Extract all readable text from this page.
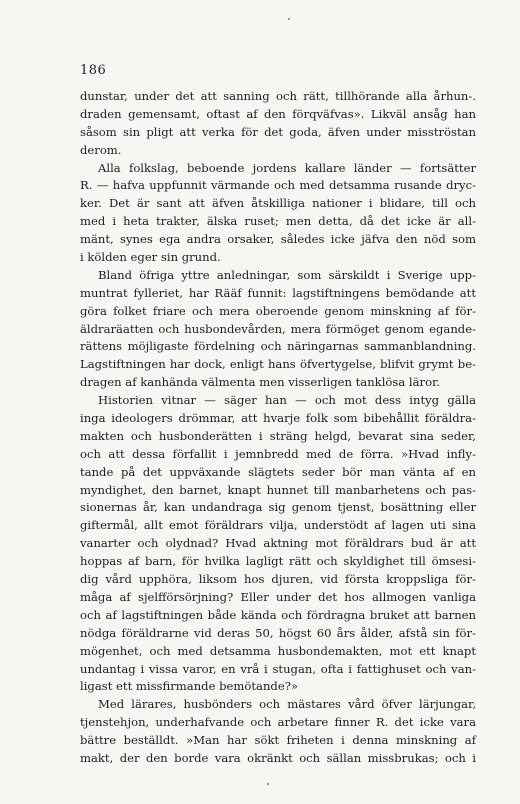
186
dunstar, under det att sanning och rätt, tillhörande alla århun-.
draden gemensamt, oftast af den förqväfvas». Likväl ansåg han
såsom sin pligt att verka för det goda, äfven under misströstan
derom.
Alla folkslag, beboende jordens kallare länder — fortsätter
R. — hafva uppfunnit värmande och med detsamma rusande dryc-
ker. Det är sant att äfven åtskilliga nationer i blidare, till och
med i heta trakter, älska ruset; men detta, då det icke är all-
mänt, synes ega andra orsaker, således icke jäfva den nöd som
i kölden eger sin grund.
Bland öfriga yttre anledningar, som särskildt i Sverige upp-
muntrat fylleriet, har Rääf funnit: lagstiftningens bemödande att
göra folket friare och mera oberoende genom minskning af för-
äldraräatten och husbondevården, mera förmöget genom egande-
rättens möjligaste fördelning och näringarnas sammanblandning.
Lagstiftningen har dock, enligt hans öfvertygelse, blifvit grymt be-
dragen af kanhända välmenta men visserligen tanklösa läror.
Historien vitnar — säger han — och mot dess intyg gälla
inga ideologers drömmar, att hvarje folk som bibehållit föräldra-
makten och husbonderätten i sträng helgd, bevarat sina seder,
och att dessa förfallit i jemnbredd med de förra. »Hvad infly-
tande på det uppväxande slägtets seder bör man vänta af en
myndighet, den barnet, knapt hunnet till manbarhetens och pas-
sionernas år, kan undandraga sig genom tjenst, bosättning eller
giftermål, allt emot föräldrars vilja, understödt af lagen uti sina
vanarter och olydnad? Hvad aktning mot föräldrars bud är att
hoppas af barn, för hvilka lagligt rätt och skyldighet till ömsesi-
dig vård upphöra, liksom hos djuren, vid första kroppsliga för-
måga af sjelfförsörjning? Eller under det hos allmogen vanliga
och af lagstiftningen både kända och fördragna bruket att barnen
nödga föräldrarne vid deras 50, högst 60 års ålder, afstå sin för-
mögenhet, och med detsamma husbondemakten, mot ett knapt
undantag i vissa varor, en vrå i stugan, ofta i fattighuset och van-
ligast ett missfirmande bemötande?»
Med lärares, husbönders och mästares vård öfver lärjungar,
tjenstehjon, underhafvande och arbetare finner R. det icke vara
bättre beställdt. »Man har sökt friheten i denna minskning af
makt, der den borde vara okränkt och sällan missbrukas; och i
